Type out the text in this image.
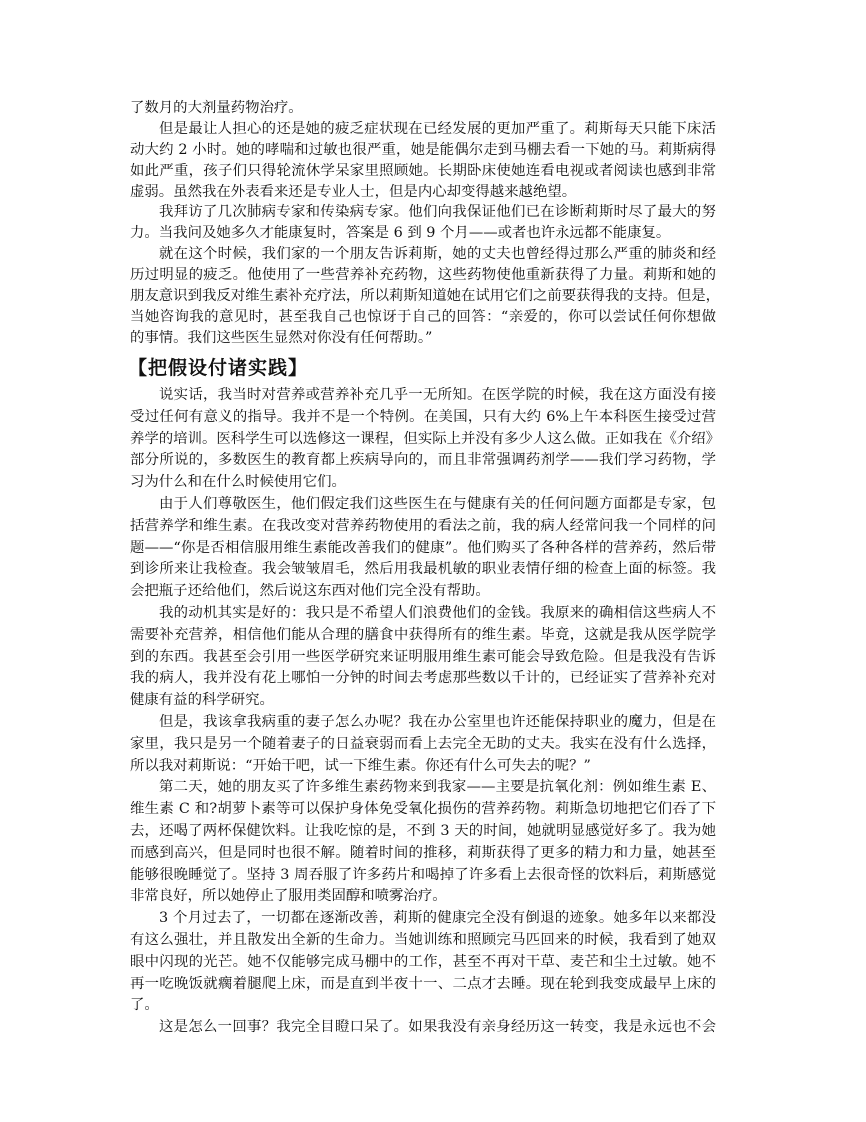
了数月的大剂量药物治疗。
但是最让人担心的还是她的疲乏症状现在已经发展的更加严重了。莉斯每天只能下床活
动大约 2 小时。她的哮喘和过敏也很严重，她是能偶尔走到马棚去看一下她的马。莉斯病得
如此严重，孩子们只得轮流休学呆家里照顾她。长期卧床使她连看电视或者阅读也感到非常
虚弱。虽然我在外表看来还是专业人士，但是内心却变得越来越绝望。
我拜访了几次肺病专家和传染病专家。他们向我保证他们已在诊断莉斯时尽了最大的努
力。当我问及她多久才能康复时，答案是 6 到 9 个月——或者也许永远都不能康复。
就在这个时候，我们家的一个朋友告诉莉斯，她的丈夫也曾经得过那么严重的肺炎和经
历过明显的疲乏。他使用了一些营养补充药物，这些药物使他重新获得了力量。莉斯和她的
朋友意识到我反对维生素补充疗法，所以莉斯知道她在试用它们之前要获得我的支持。但是，
当她咨询我的意见时，甚至我自己也惊讶于自己的回答：“亲爱的，你可以尝试任何你想做
的事情。我们这些医生显然对你没有任何帮助。”
【把假设付诸实践】
说实话，我当时对营养或营养补充几乎一无所知。在医学院的时候，我在这方面没有接
受过任何有意义的指导。我并不是一个特例。在美国，只有大约 6%上午本科医生接受过营
养学的培训。医科学生可以选修这一课程，但实际上并没有多少人这么做。正如我在《介绍》
部分所说的，多数医生的教育都上疾病导向的，而且非常强调药剂学——我们学习药物，学
习为什么和在什么时候使用它们。
由于人们尊敬医生，他们假定我们这些医生在与健康有关的任何问题方面都是专家，包
括营养学和维生素。在我改变对营养药物使用的看法之前，我的病人经常问我一个同样的问
题——“你是否相信服用维生素能改善我们的健康”。他们购买了各种各样的营养药，然后带
到诊所来让我检查。我会皱皱眉毛，然后用我最机敏的职业表情仔细的检查上面的标签。我
会把瓶子还给他们，然后说这东西对他们完全没有帮助。
我的动机其实是好的：我只是不希望人们浪费他们的金钱。我原来的确相信这些病人不
需要补充营养，相信他们能从合理的膳食中获得所有的维生素。毕竟，这就是我从医学院学
到的东西。我甚至会引用一些医学研究来证明服用维生素可能会导致危险。但是我没有告诉
我的病人，我并没有花上哪怕一分钟的时间去考虑那些数以千计的，已经证实了营养补充对
健康有益的科学研究。
但是，我该拿我病重的妻子怎么办呢？我在办公室里也许还能保持职业的魔力，但是在
家里，我只是另一个随着妻子的日益衰弱而看上去完全无助的丈夫。我实在没有什么选择，
所以我对莉斯说：“开始干吧，试一下维生素。你还有什么可失去的呢？”
第二天，她的朋友买了许多维生素药物来到我家——主要是抗氧化剂：例如维生素 E、
维生素 C 和?胡萝卜素等可以保护身体免受氧化损伤的营养药物。莉斯急切地把它们吞了下
去，还喝了两杯保健饮料。让我吃惊的是，不到 3 天的时间，她就明显感觉好多了。我为她
而感到高兴，但是同时也很不解。随着时间的推移，莉斯获得了更多的精力和力量，她甚至
能够很晚睡觉了。坚持 3 周吞服了许多药片和喝掉了许多看上去很奇怪的饮料后，莉斯感觉
非常良好，所以她停止了服用类固醇和喷雾治疗。
3 个月过去了，一切都在逐渐改善，莉斯的健康完全没有倒退的迹象。她多年以来都没
有这么强壮，并且散发出全新的生命力。当她训练和照顾完马匹回来的时候，我看到了她双
眼中闪现的光芒。她不仅能够完成马棚中的工作，甚至不再对干草、麦芒和尘土过敏。她不
再一吃晚饭就瘸着腿爬上床，而是直到半夜十一、二点才去睡。现在轮到我变成最早上床的
了。
这是怎么一回事？我完全目瞪口呆了。如果我没有亲身经历这一转变，我是永远也不会
